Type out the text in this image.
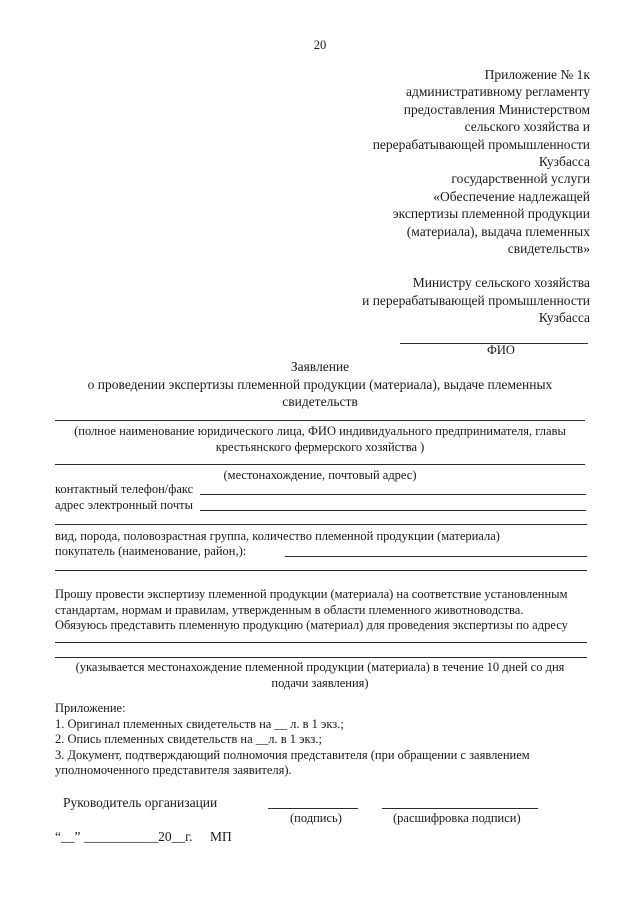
20
Приложение № 1к
административному регламенту
предоставления Министерством
сельского хозяйства и
перерабатывающей промышленности
Кузбасса
государственной услуги
«Обеспечение надлежащей
экспертизы племенной продукции
(материала), выдача племенных
свидетельств»
Министру сельского хозяйства
и перерабатывающей промышленности
Кузбасса
ФИО
Заявление
о проведении экспертизы племенной продукции (материала), выдаче племенных
свидетельств
(полное наименование юридического лица, ФИО индивидуального предпринимателя, главы
крестьянского фермерского хозяйства )
(местонахождение, почтовый адрес)
контактный телефон/факс
адрес электронный почты
вид, порода, половозрастная группа, количество племенной продукции (материала)
покупатель (наименование, район,):
Прошу провести экспертизу племенной продукции (материала) на соответствие установленным
стандартам, нормам и правилам, утвержденным в области племенного животноводства.
Обязуюсь представить племенную продукцию (материал) для проведения экспертизы по адресу
(указывается местонахождение племенной продукции (материала) в течение 10 дней со дня
подачи заявления)
Приложение:
1. Оригинал племенных свидетельств на __ л. в 1 экз.;
2. Опись племенных свидетельств на __л. в 1 экз.;
3. Документ, подтверждающий полномочия представителя (при обращении с заявлением
уполномоченного представителя заявителя).
Руководитель организации
(подпись)	(расшифровка подписи)
“__” ___________20__г. МП
